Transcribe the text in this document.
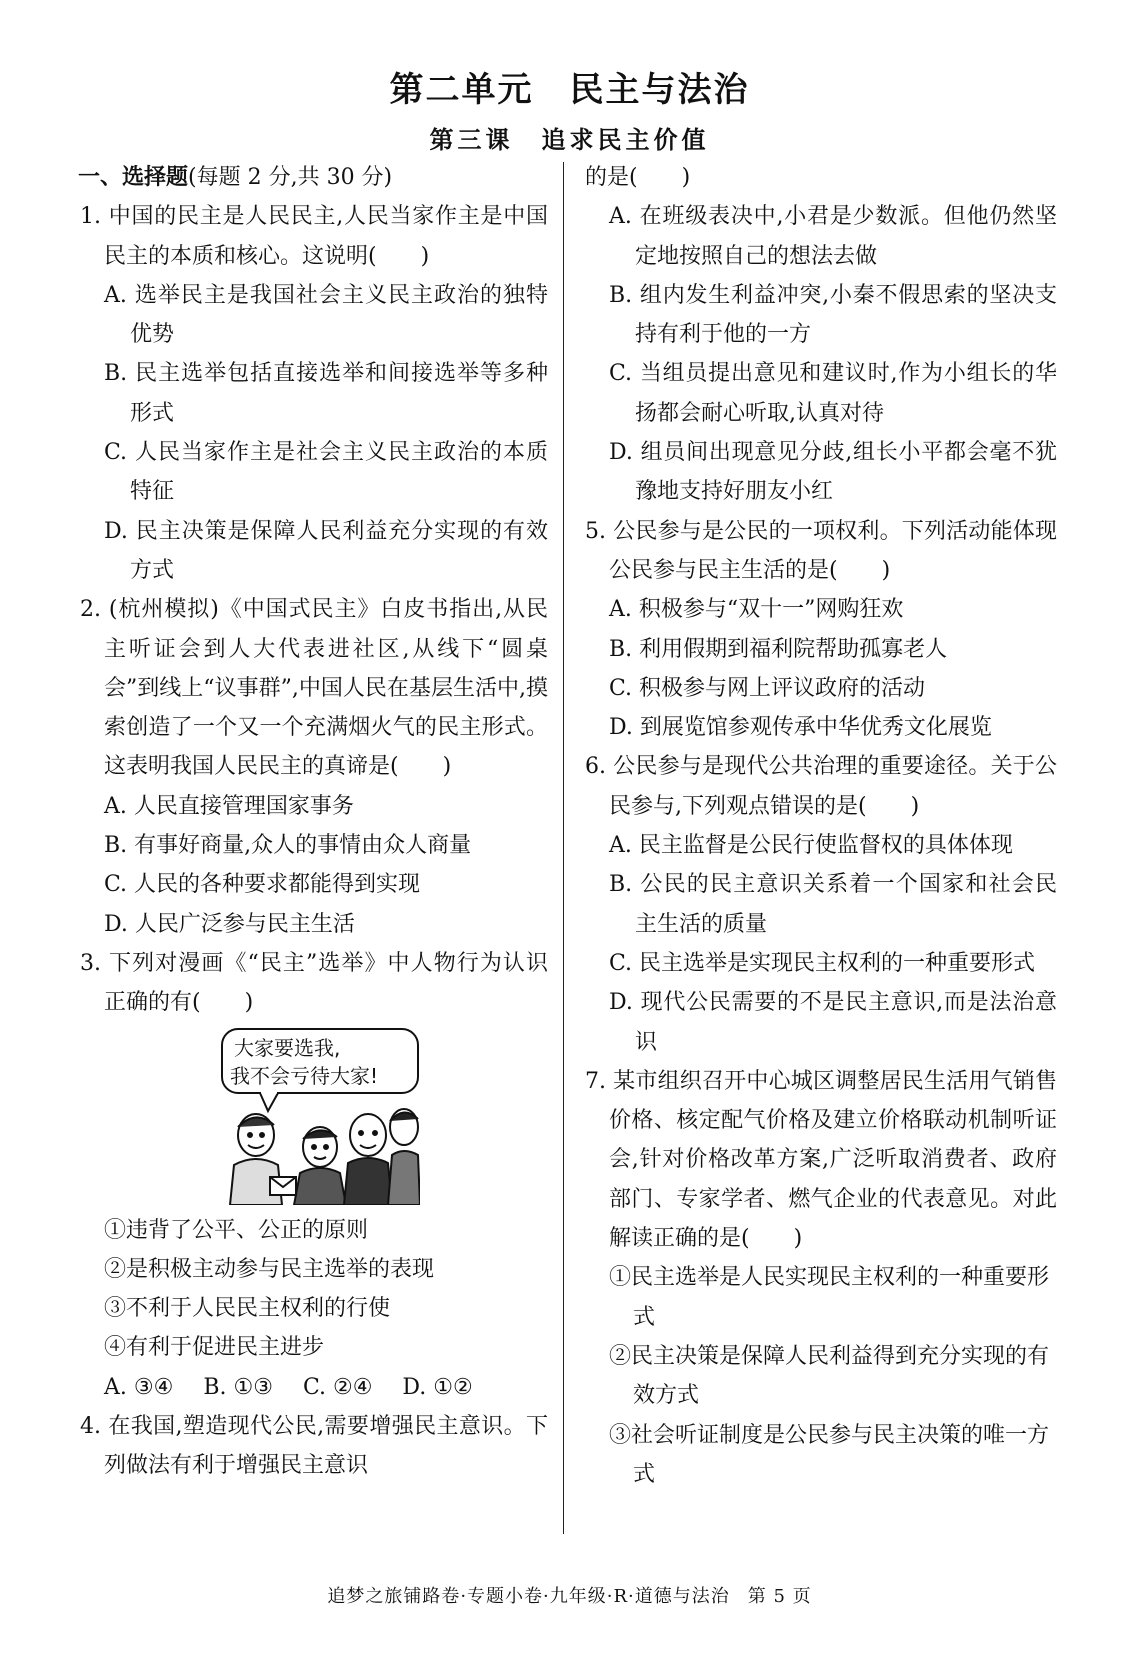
第二单元　民主与法治
第三课　追求民主价值
一、选择题(每题 2 分,共 30 分)
1. 中国的民主是人民民主,人民当家作主是中国民主的本质和核心。这说明(　　)
A. 选举民主是我国社会主义民主政治的独特优势
B. 民主选举包括直接选举和间接选举等多种形式
C. 人民当家作主是社会主义民主政治的本质特征
D. 民主决策是保障人民利益充分实现的有效方式
2. (杭州模拟)《中国式民主》白皮书指出,从民主听证会到人大代表进社区,从线下“圆桌会”到线上“议事群”,中国人民在基层生活中,摸索创造了一个又一个充满烟火气的民主形式。这表明我国人民民主的真谛是(　　)
A. 人民直接管理国家事务
B. 有事好商量,众人的事情由众人商量
C. 人民的各种要求都能得到实现
D. 人民广泛参与民主生活
3. 下列对漫画《“民主”选举》中人物行为认识正确的有(　　)
大家要选我,
我不会亏待大家!
①违背了公平、公正的原则
②是积极主动参与民主选举的表现
③不利于人民民主权利的行使
④有利于促进民主进步
A. ③④ B. ①③ C. ②④ D. ①②
4. 在我国,塑造现代公民,需要增强民主意识。下列做法有利于增强民主意识
的是(　　)
A. 在班级表决中,小君是少数派。但他仍然坚定地按照自己的想法去做
B. 组内发生利益冲突,小秦不假思索的坚决支持有利于他的一方
C. 当组员提出意见和建议时,作为小组长的华扬都会耐心听取,认真对待
D. 组员间出现意见分歧,组长小平都会毫不犹豫地支持好朋友小红
5. 公民参与是公民的一项权利。下列活动能体现公民参与民主生活的是(　　)
A. 积极参与“双十一”网购狂欢
B. 利用假期到福利院帮助孤寡老人
C. 积极参与网上评议政府的活动
D. 到展览馆参观传承中华优秀文化展览
6. 公民参与是现代公共治理的重要途径。关于公民参与,下列观点错误的是(　　)
A. 民主监督是公民行使监督权的具体体现
B. 公民的民主意识关系着一个国家和社会民主生活的质量
C. 民主选举是实现民主权利的一种重要形式
D. 现代公民需要的不是民主意识,而是法治意识
7. 某市组织召开中心城区调整居民生活用气销售价格、核定配气价格及建立价格联动机制听证会,针对价格改革方案,广泛听取消费者、政府部门、专家学者、燃气企业的代表意见。对此解读正确的是(　　)
①民主选举是人民实现民主权利的一种重要形式
②民主决策是保障人民利益得到充分实现的有效方式
③社会听证制度是公民参与民主决策的唯一方式
追梦之旅铺路卷·专题小卷·九年级·R·道德与法治 第 5 页
